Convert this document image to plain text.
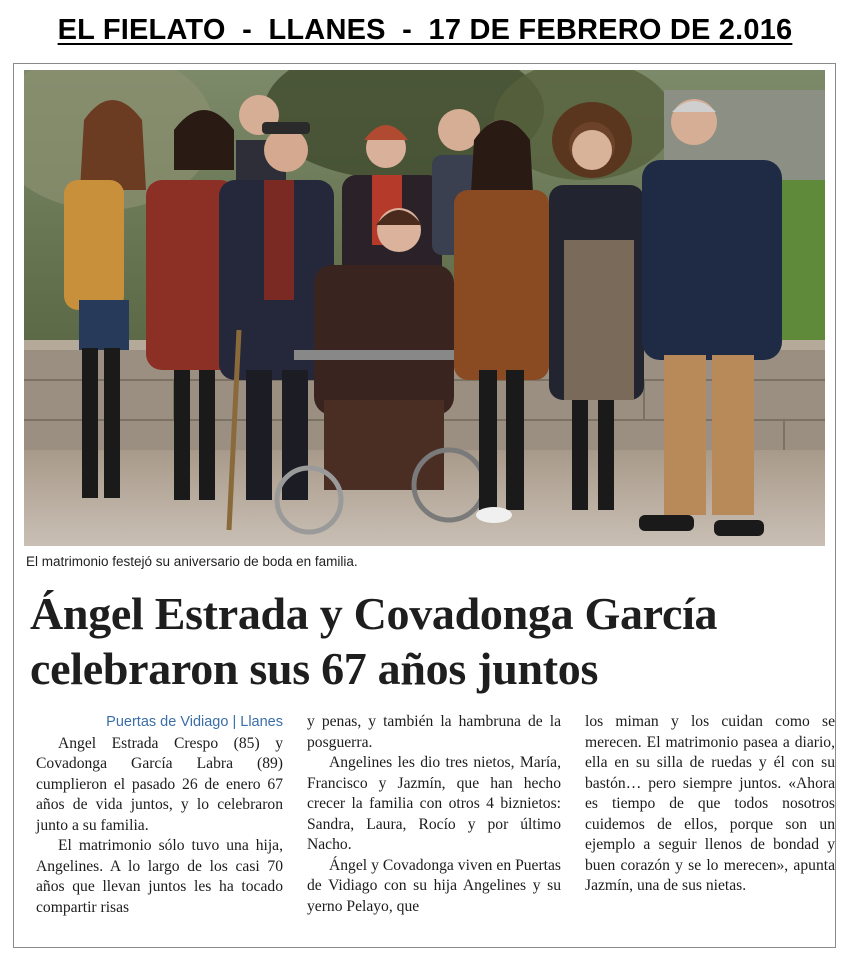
EL FIELATO  -  LLANES  -  17 DE FEBRERO DE 2.016
El matrimonio festejó su aniversario de boda en familia.
Ángel Estrada y Covadonga García
celebraron sus 67 años juntos
Puertas de Vidiago | Llanes

Angel Estrada Crespo (85) y Covadonga García Labra (89) cumplieron el pasado 26 de enero 67 años de vida juntos, y lo celebraron junto a su familia.

El matrimonio sólo tuvo una hija, Angelines. A lo largo de los casi 70 años que llevan juntos les ha tocado compartir risas

y penas, y también la hambruna de la posguerra.

Angelines les dio tres nietos, María, Francisco y Jazmín, que han hecho crecer la familia con otros 4 biznietos: Sandra, Laura, Rocío y por último Nacho.

Ángel y Covadonga viven en Puertas de Vidiago con su hija Angelines y su yerno Pelayo, que

los miman y los cuidan como se merecen. El matrimonio pasea a diario, ella en su silla de ruedas y él con su bastón… pero siempre juntos. «Ahora es tiempo de que todos nosotros cuidemos de ellos, porque son un ejemplo a seguir llenos de bondad y buen corazón y se lo merecen», apunta Jazmín, una de sus nietas.
